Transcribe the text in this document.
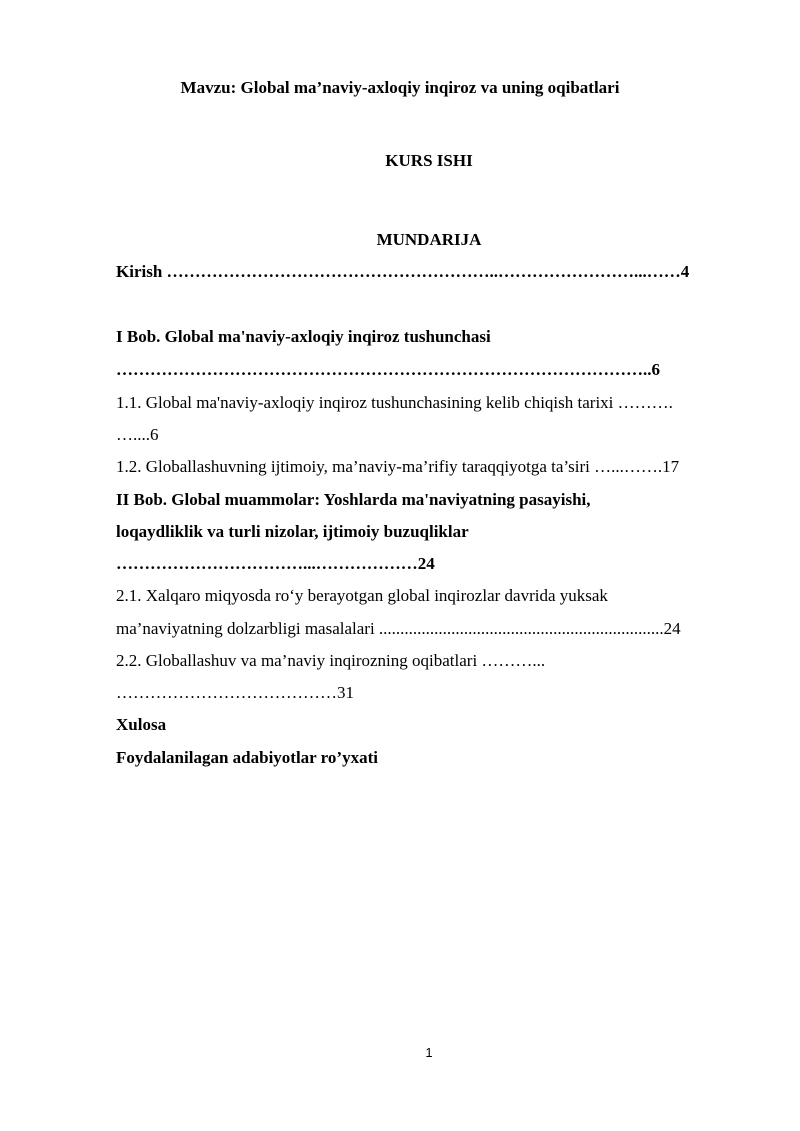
Mavzu: Global ma’naviy-axloqiy inqiroz va uning oqibatlari
KURS ISHI
MUNDARIJA
Kirish …………………………………………………..……………………...……4
I Bob. Global ma'naviy-axloqiy inqiroz tushunchasi
…………………………………………………………………………………..6
1.1. Global ma'naviy-axloqiy inqiroz tushunchasining kelib chiqish tarixi ……….
…....6
1.2. Globallashuvning ijtimoiy, ma’naviy-ma’rifiy taraqqiyotga ta’siri …...…….17
II Bob. Global muammolar: Yoshlarda ma'naviyatning pasayishi,
loqaydliklik va turli nizolar, ijtimoiy buzuqliklar
……………………………...………………24
2.1. Xalqaro miqyosda ro‘y berayotgan global inqirozlar davrida yuksak
ma’naviyatning dolzarbligi masalalari ...................................................................24
2.2. Globallashuv va ma’naviy inqirozning oqibatlari ………...
…………………………………31
Xulosa
Foydalanilagan adabiyotlar ro’yxati
1
